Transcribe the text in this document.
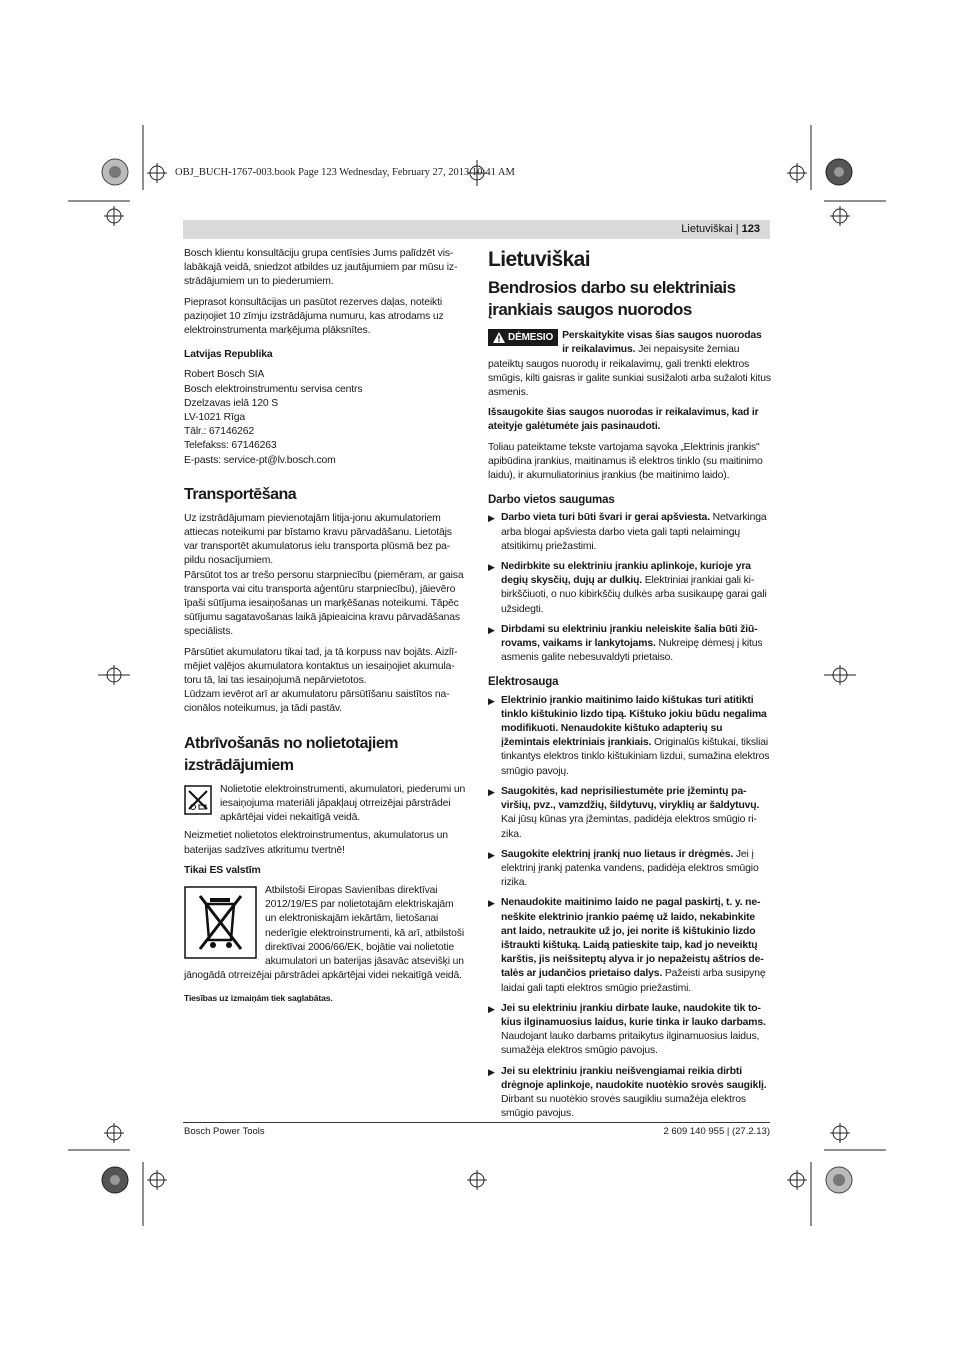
OBJ_BUCH-1767-003.book Page 123 Wednesday, February 27, 2013 10:41 AM
Lietuviškai | 123

Bosch klientu konsultāciju grupa centīsies Jums palīdzēt vislabākajā veidā, sniedzot atbildes uz jautājumiem par mūsu izstrādājumiem un to piederumiem.

Pieprasot konsultācijas un pasūtot rezerves daļas, noteikti paziņojiet 10 zīmju izstrādājuma numuru, kas atrodams uz elektroinstrumenta marķējuma plāksnītes.

Latvijas Republika

Robert Bosch SIA

Bosch elektroinstrumentu servisa centrs

Dzelzavas ielā 120 S

LV-1021 Rīga

Tālr.: 67146262

Telefakss: 67146263

E-pasts: service-pt@lv.bosch.com

Transportēšana

Uz izstrādājumam pievienotajām litija-jonu akumulatoriem attiecas noteikumi par bīstamo kravu pārvadāšanu. Lietotājs var transportēt akumulatorus ielu transporta plūsmā bez papildu nosacījumiem.

Pārsūtot tos ar trešo personu starpniecību (piemēram, ar gaisa transporta vai citu transporta aģentūru starpniecību), jāievēro īpaši sūtījuma iesaiņošanas un marķēšanas noteikumi. Tāpēc sūtījumu sagatavošanas laikā jāpieaicina kravu pārvadāšanas speciālists.

Pārsūtiet akumulatoru tikai tad, ja tā korpuss nav bojāts. Aizlīmējiet vaļējos akumulatora kontaktus un iesaiņojiet akumulatoru tā, lai tas iesaiņojumā nepārvietotos.

Lūdzam ievērot arī ar akumulatoru pārsūtīšanu saistītos nacionālos noteikumus, ja tādi pastāv.

Atbrīvošanās no nolietotajiem izstrādājumiem

Nolietotie elektroinstrumenti, akumulatori, piederumi un iesaiņojuma materiāli jāpakļauj otrreizējai pārstrādei apkārtējai videi nekaitīgā veidā.

Neizmetiet nolietotos elektroinstrumentus, akumulatorus un baterijas sadzīves atkritumu tvertnē!

Tikai ES valstīm

Atbilstoši Eiropas Savienības direktīvai 2012/19/ES par nolietotajām elektriskajām un elektroniskajām iekārtām, lietošanai nederīgie elektroinstrumenti, kā arī, atbilstoši direktīvai 2006/66/EK, bojātie vai nolietotie akumulatori un baterijas jāsavāc atsevišķi un jānogādā otrreizējai pārstrādei apkārtējai videi nekaitīgā veidā.

Tiesības uz izmaiņām tiek saglabātas.

Lietuviškai
Bendrosios darbo su elektriniais įrankiais saugos nuorodos

DĖMESIO Perskaitykite visas šias saugos nuorodas ir reikalavimus. Jei nepaisysite žemiau pateiktų saugos nuorodų ir reikalavimų, gali trenkti elektros smūgis, kilti gaisras ir galite sunkiai susižaloti arba sužaloti kitus asmenis.

Išsaugokite šias saugos nuorodas ir reikalavimus, kad ir ateityje galėtumėte jais pasinaudoti.

Toliau pateiktame tekste vartojama sąvoka „Elektrinis įrankis" apibūdina įrankius, maitinamus iš elektros tinklo (su maitinimo laidu), ir akumuliatorinius įrankius (be maitinimo laido).

Darbo vietos saugumas
▶ Darbo vieta turi būti švari ir gerai apšviesta. Netvarkinga arba blogai apšviesta darbo vieta gali tapti nelaimingų atsitikimų priežastimi.
▶ Nedirbkite su elektriniu įrankiu aplinkoje, kurioje yra degių skysčių, dujų ar dulkių. Elektriniai įrankiai gali kibirkščiuoti, o nuo kibirkščių dulkės arba susikaupę garai gali užsidegti.
▶ Dirbdami su elektriniu įrankiu neleiskite šalia būti žiūrovams, vaikams ir lankytojams. Nukreipę dėmesį į kitus asmenis galite nebesuvaldyti prietaiso.
Elektrosauga
▶ Elektrinio įrankio maitinimo laido kištukas turi atitikti tinklo kištukinio lizdo tipą. Kištuko jokiu būdu negalima modifikuoti. Nenaudokite kištuko adapterių su įžemintais elektriniais įrankiais. Originalūs kištukai, tiksliai tinkantys elektros tinklo kištukiniam lizdui, sumažina elektros smūgio pavojų.
▶ Saugokitės, kad neprisiliestumėte prie įžemintų paviršių, pvz., vamzdžių, šildytuvų, viryklių ar šaldytuvų. Kai jūsų kūnas yra įžemintas, padidėja elektros smūgio rizika.
▶ Saugokite elektrinį įrankį nuo lietaus ir drėgmės. Jei į elektrinį įrankį patenka vandens, padidėja elektros smūgio rizika.
▶ Nenaudokite maitinimo laido ne pagal paskirtį, t. y. neneškite elektrinio įrankio paėmę už laido, nekabinkite ant laido, netraukite už jo, jei norite iš kištukinio lizdo ištraukti kištuką. Laidą patieskite taip, kad jo neveiktų karštis, jis neišsiteptų alyva ir jo nepažeistų aštrios detalės ar judančios prietaiso dalys. Pažeisti arba susipynę laidai gali tapti elektros smūgio priežastimi.
▶ Jei su elektriniu įrankiu dirbate lauke, naudokite tik tokius ilginamuosius laidus, kurie tinka ir lauko darbams. Naudojant lauko darbams pritaikytus ilginamuosius laidus, sumažėja elektros smūgio pavojus.
▶ Jei su elektriniu įrankiu neišvengiamai reikia dirbti drėgnoje aplinkoje, naudokite nuotėkio srovės saugiklį. Dirbant su nuotėkio srovės saugikliu sumažėja elektros smūgio pavojus.
Bosch Power Tools	2 609 140 955 | (27.2.13)
